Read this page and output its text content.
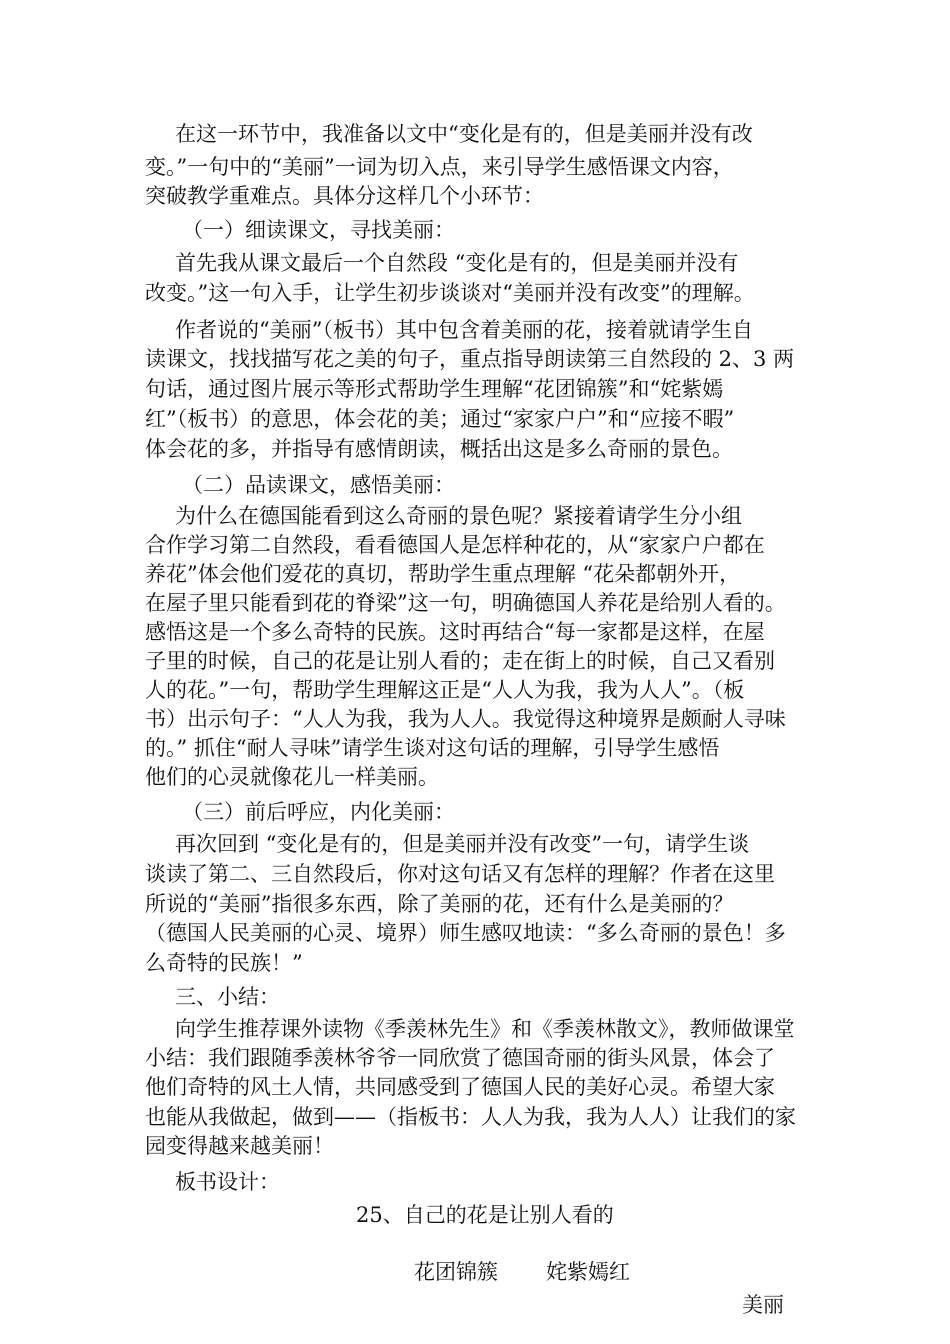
在这一环节中，我准备以文中“变化是有的，但是美丽并没有改
变。”一句中的“美丽”一词为切入点，来引导学生感悟课文内容，
突破教学重难点。具体分这样几个小环节：
（一）细读课文，寻找美丽：
首先我从课文最后一个自然段 “变化是有的，但是美丽并没有
改变。”这一句入手，让学生初步谈谈对“美丽并没有改变”的理解。
作者说的“美丽”（板书）其中包含着美丽的花，接着就请学生自
读课文，找找描写花之美的句子，重点指导朗读第三自然段的 2、3 两
句话，通过图片展示等形式帮助学生理解“花团锦簇”和“姹紫嫣
红”（板书）的意思，体会花的美；通过“家家户户”和“应接不暇”
体会花的多，并指导有感情朗读，概括出这是多么奇丽的景色。
（二）品读课文，感悟美丽：
为什么在德国能看到这么奇丽的景色呢？紧接着请学生分小组
合作学习第二自然段，看看德国人是怎样种花的，从“家家户户都在
养花”体会他们爱花的真切，帮助学生重点理解 “花朵都朝外开，
在屋子里只能看到花的脊梁”这一句，明确德国人养花是给别人看的。
感悟这是一个多么奇特的民族。这时再结合“每一家都是这样，在屋
子里的时候，自己的花是让别人看的；走在街上的时候，自己又看别
人的花。”一句，帮助学生理解这正是“人人为我，我为人人”。（板
书）出示句子：“人人为我，我为人人。我觉得这种境界是颇耐人寻味
的。” 抓住“耐人寻味”请学生谈对这句话的理解，引导学生感悟
他们的心灵就像花儿一样美丽。
（三）前后呼应，内化美丽：
再次回到 “变化是有的，但是美丽并没有改变”一句，请学生谈
谈读了第二、三自然段后，你对这句话又有怎样的理解？作者在这里
所说的“美丽”指很多东西，除了美丽的花，还有什么是美丽的？
（德国人民美丽的心灵、境界）师生感叹地读：“多么奇丽的景色！多
么奇特的民族！”
三、小结：
向学生推荐课外读物《季羡林先生》和《季羡林散文》，教师做课堂
小结：我们跟随季羡林爷爷一同欣赏了德国奇丽的街头风景，体会了
他们奇特的风土人情，共同感受到了德国人民的美好心灵。希望大家
也能从我做起，做到——（指板书：人人为我，我为人人）让我们的家
园变得越来越美丽！
板书设计：
25、自己的花是让别人看的
花团锦簇 姹紫嫣红
美丽
